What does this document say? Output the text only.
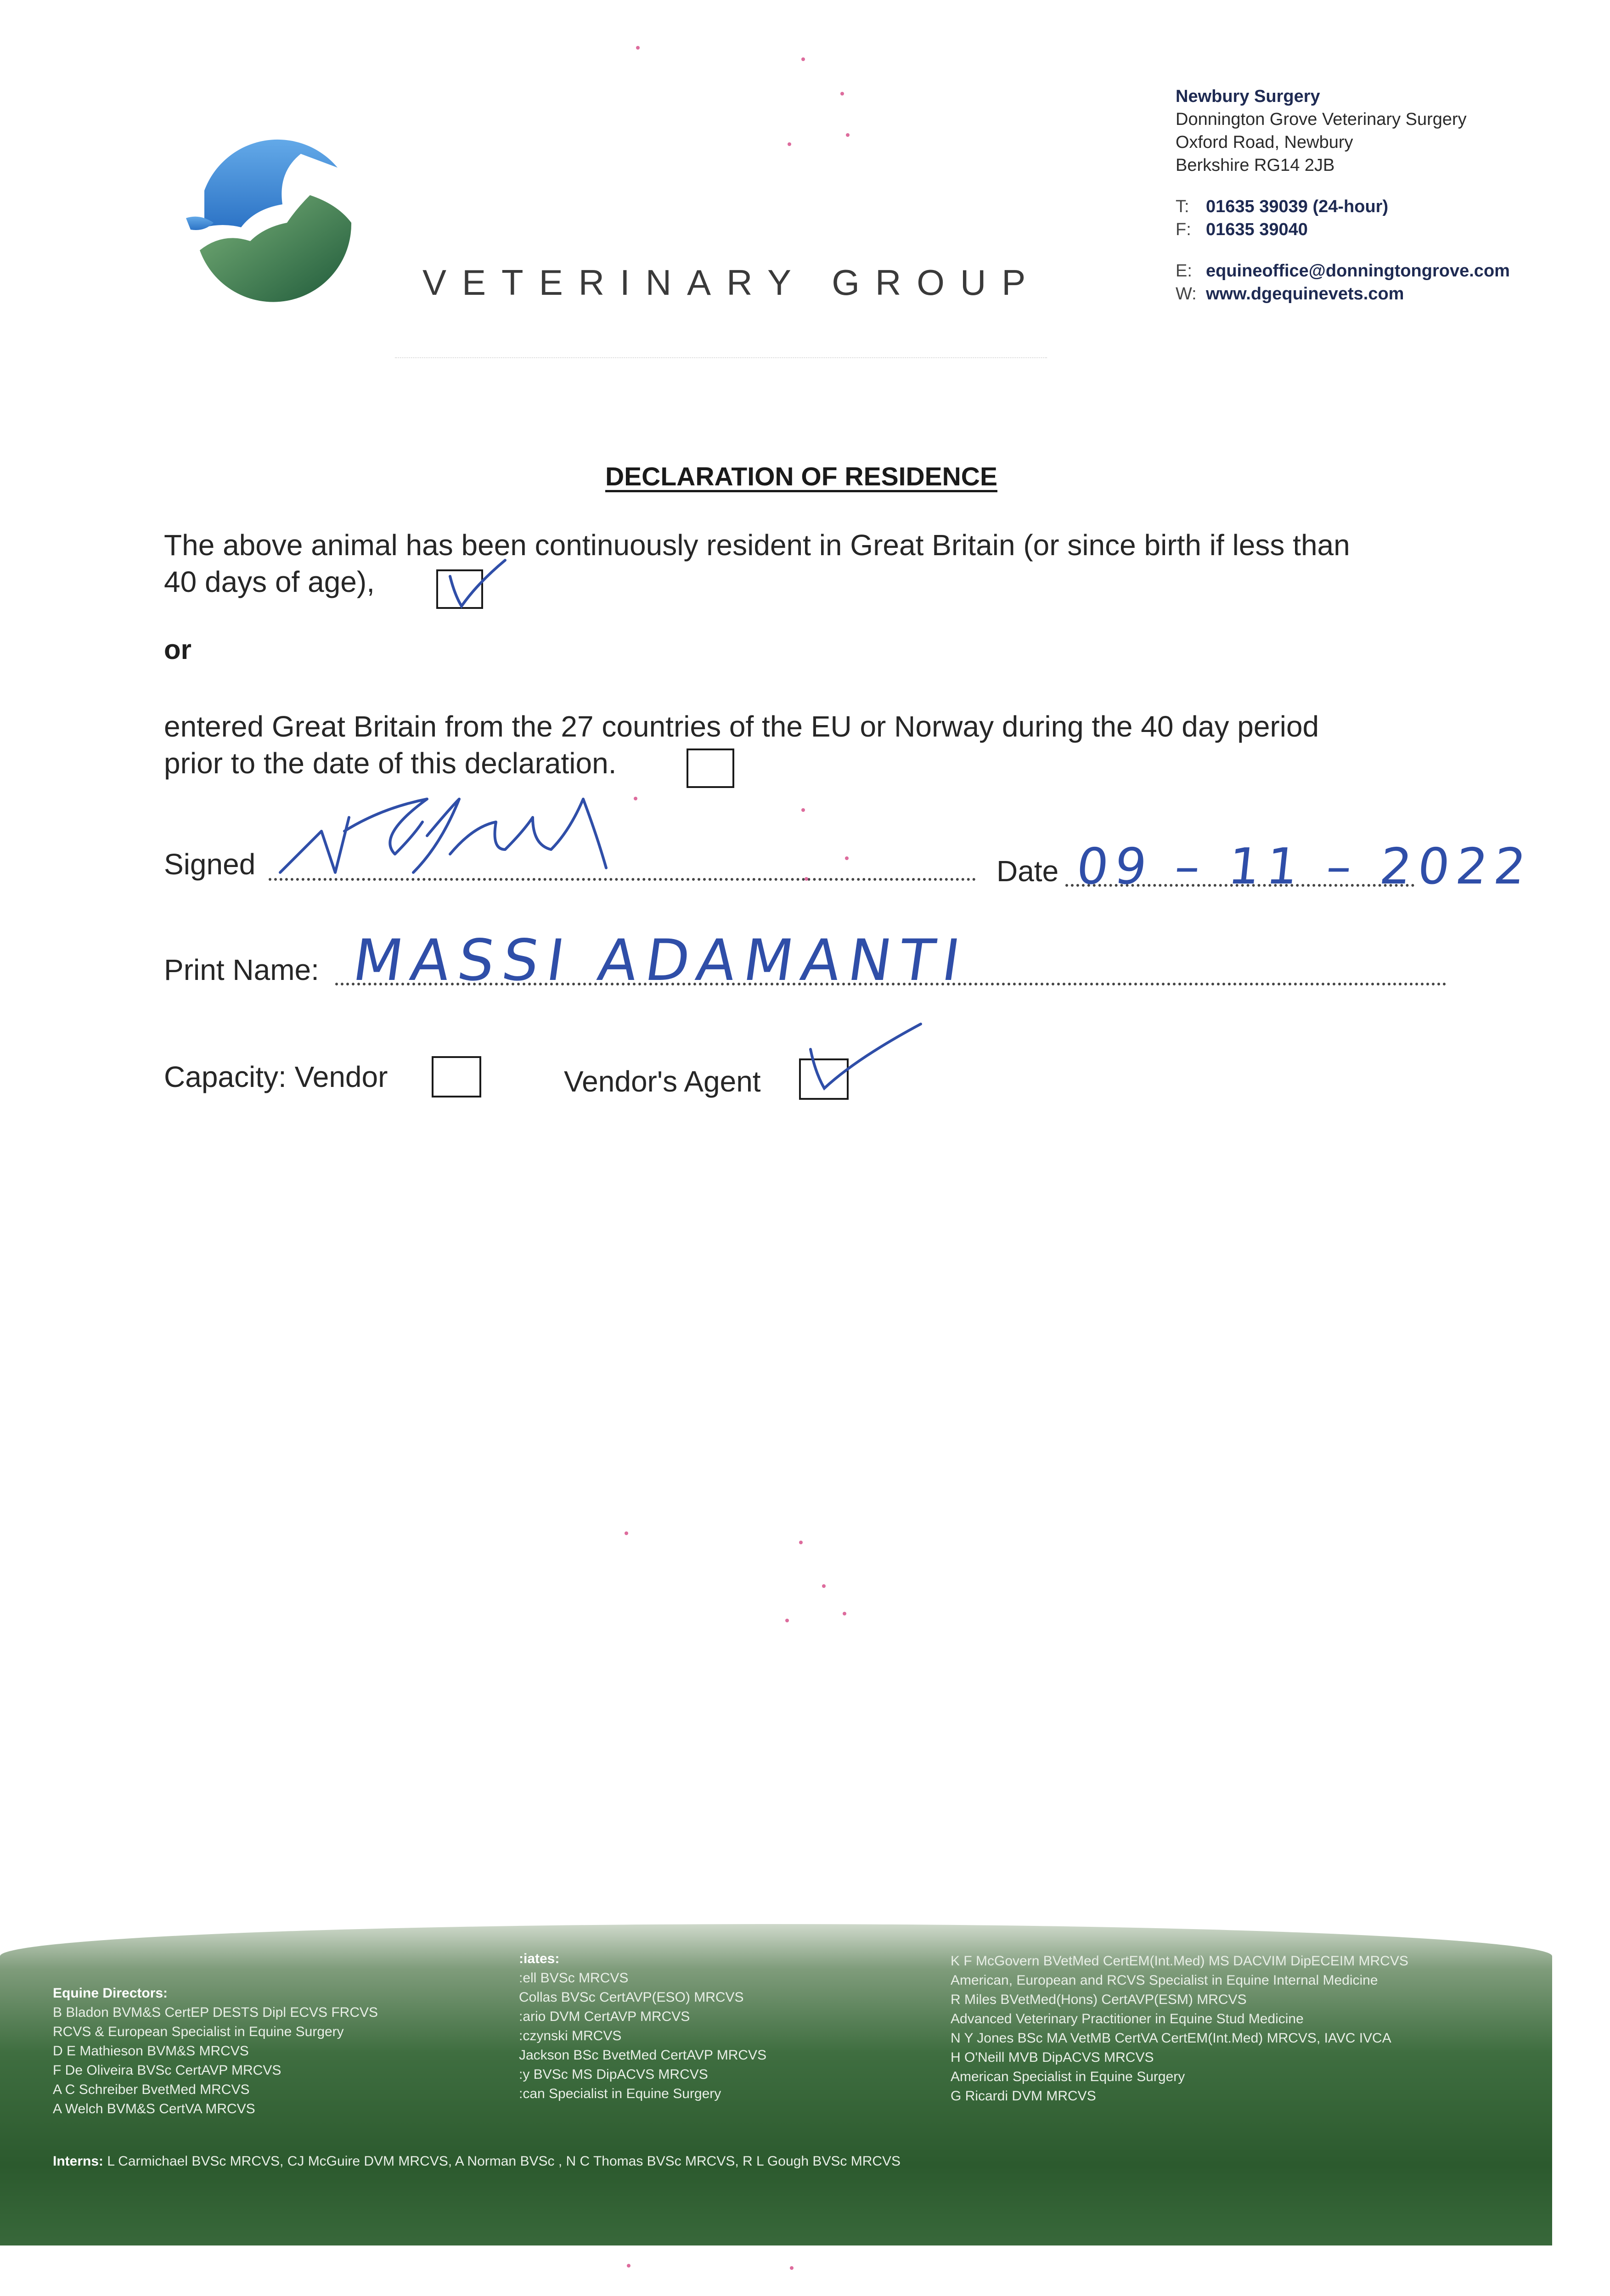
VETERINARY GROUP
Newbury Surgery
Donnington Grove Veterinary Surgery
Oxford Road, Newbury
Berkshire RG14 2JB
T: 01635 39039 (24-hour)
F: 01635 39040
E: equineoffice@donningtongrove.com
W: www.dgequinevets.com
DECLARATION OF RESIDENCE
The above animal has been continuously resident in Great Britain (or since birth if less than
40 days of age),
or
entered Great Britain from the 27 countries of the EU or Norway during the 40 day period
prior to the date of this declaration.
Signed	Date 09 – 11 – 2022
Print Name: MASSI ADAMANTI
Capacity: Vendor	Vendor's Agent
Equine Directors:
B Bladon BVM&S CertEP DESTS Dipl ECVS FRCVS
RCVS & European Specialist in Equine Surgery
D E Mathieson BVM&S MRCVS
F De Oliveira BVSc CertAVP MRCVS
A C Schreiber BvetMed MRCVS
A Welch BVM&S CertVA MRCVS
:iates:
:ell BVSc MRCVS
Collas BVSc CertAVP(ESO) MRCVS
:ario DVM CertAVP MRCVS
:czynski MRCVS
Jackson BSc BvetMed CertAVP MRCVS
:y BVSc MS DipACVS MRCVS
:can Specialist in Equine Surgery
K F McGovern BVetMed CertEM(Int.Med) MS DACVIM DipECEIM MRCVS
American, European and RCVS Specialist in Equine Internal Medicine
R Miles BVetMed(Hons) CertAVP(ESM) MRCVS
Advanced Veterinary Practitioner in Equine Stud Medicine
N Y Jones BSc MA VetMB CertVA CertEM(Int.Med) MRCVS, IAVC IVCA
H O'Neill MVB DipACVS MRCVS
American Specialist in Equine Surgery
G Ricardi DVM MRCVS
Interns: L Carmichael BVSc MRCVS, CJ McGuire DVM MRCVS, A Norman BVSc , N C Thomas BVSc MRCVS, R L Gough BVSc MRCVS
